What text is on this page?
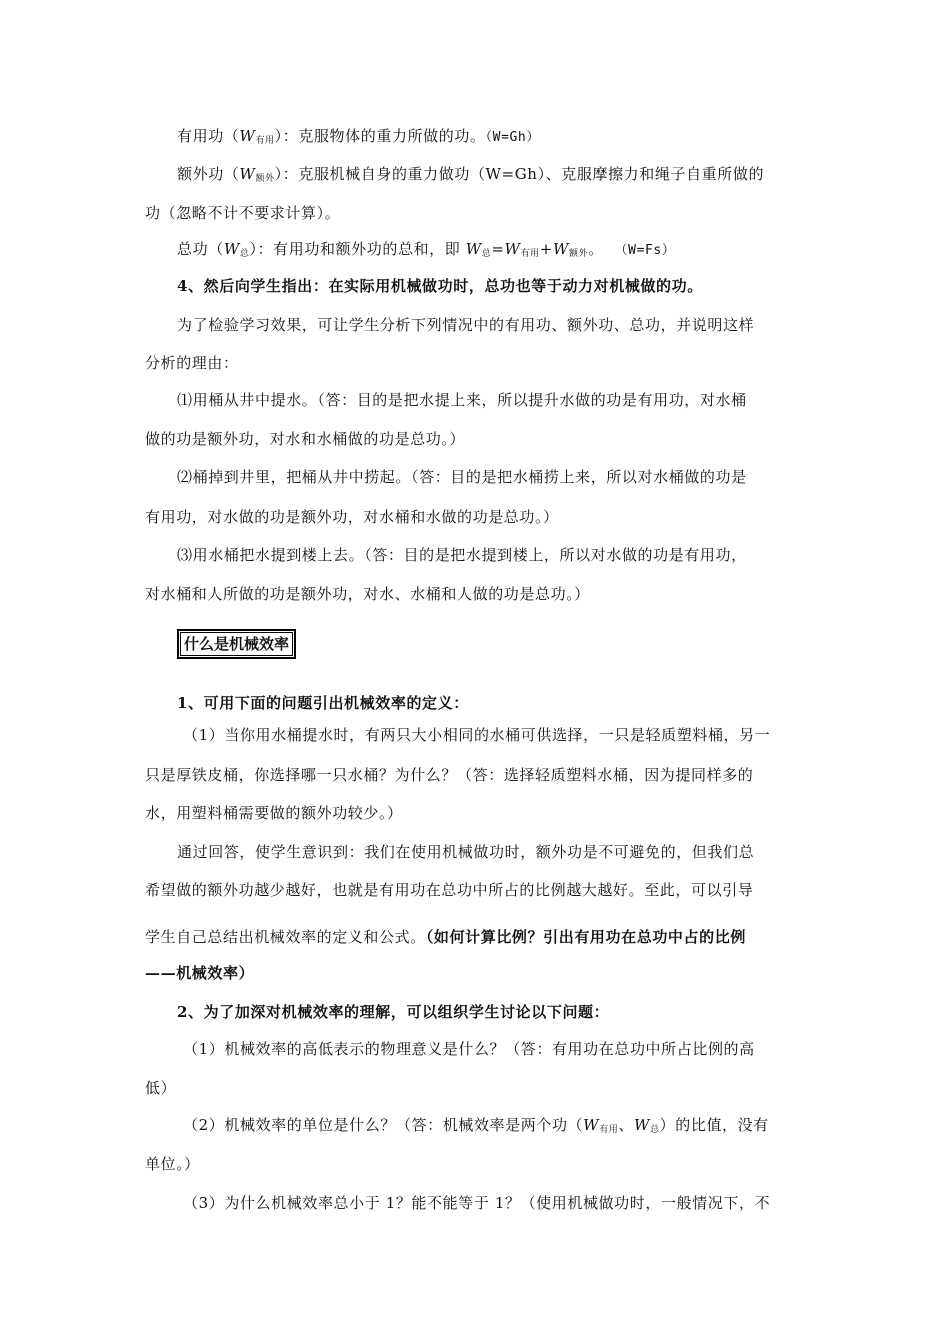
有用功$(W_{有用})$：克服物体的重力所做的功。（W=Gh）
额外功$(W_{额外})$：克服机械自身的重力做功（W=Gh）、克服摩擦力和绳子自重所做的
功（忽略不计不要求计算）。
总功$(W_总)$：有用功和额外功的总和，即 $W_总=W_{有用}+W_{额外}$。 （W=Fs）
4、然后向学生指出：在实际用机械做功时，总功也等于动力对机械做的功。
为了检验学习效果，可让学生分析下列情况中的有用功、额外功、总功，并说明这样
分析的理由：
⑴用桶从井中提水。（答：目的是把水提上来，所以提升水做的功是有用功，对水桶
做的功是额外功，对水和水桶做的功是总功。）
⑵桶掉到井里，把桶从井中捞起。（答：目的是把水桶捞上来，所以对水桶做的功是
有用功，对水做的功是额外功，对水桶和水做的功是总功。）
⑶用水桶把水提到楼上去。（答：目的是把水提到楼上，所以对水做的功是有用功，
对水桶和人所做的功是额外功，对水、水桶和人做的功是总功。）
什么是机械效率
1、可用下面的问题引出机械效率的定义：
（1）当你用水桶提水时，有两只大小相同的水桶可供选择，一只是轻质塑料桶，另一
只是厚铁皮桶，你选择哪一只水桶？为什么？（答：选择轻质塑料水桶，因为提同样多的
水，用塑料桶需要做的额外功较少。）
通过回答，使学生意识到：我们在使用机械做功时，额外功是不可避免的，但我们总
希望做的额外功越少越好，也就是有用功在总功中所占的比例越大越好。至此，可以引导
学生自己总结出机械效率的定义和公式。（如何计算比例？引出有用功在总功中占的比例
——机械效率）
2、为了加深对机械效率的理解，可以组织学生讨论以下问题：
（1）机械效率的高低表示的物理意义是什么？（答：有用功在总功中所占比例的高
低）
（2）机械效率的单位是什么？（答：机械效率是两个功（$W_{有用}$、$W_总$）的比值，没有
单位。）
（3）为什么机械效率总小于 1？能不能等于 1？（使用机械做功时，一般情况下，不
